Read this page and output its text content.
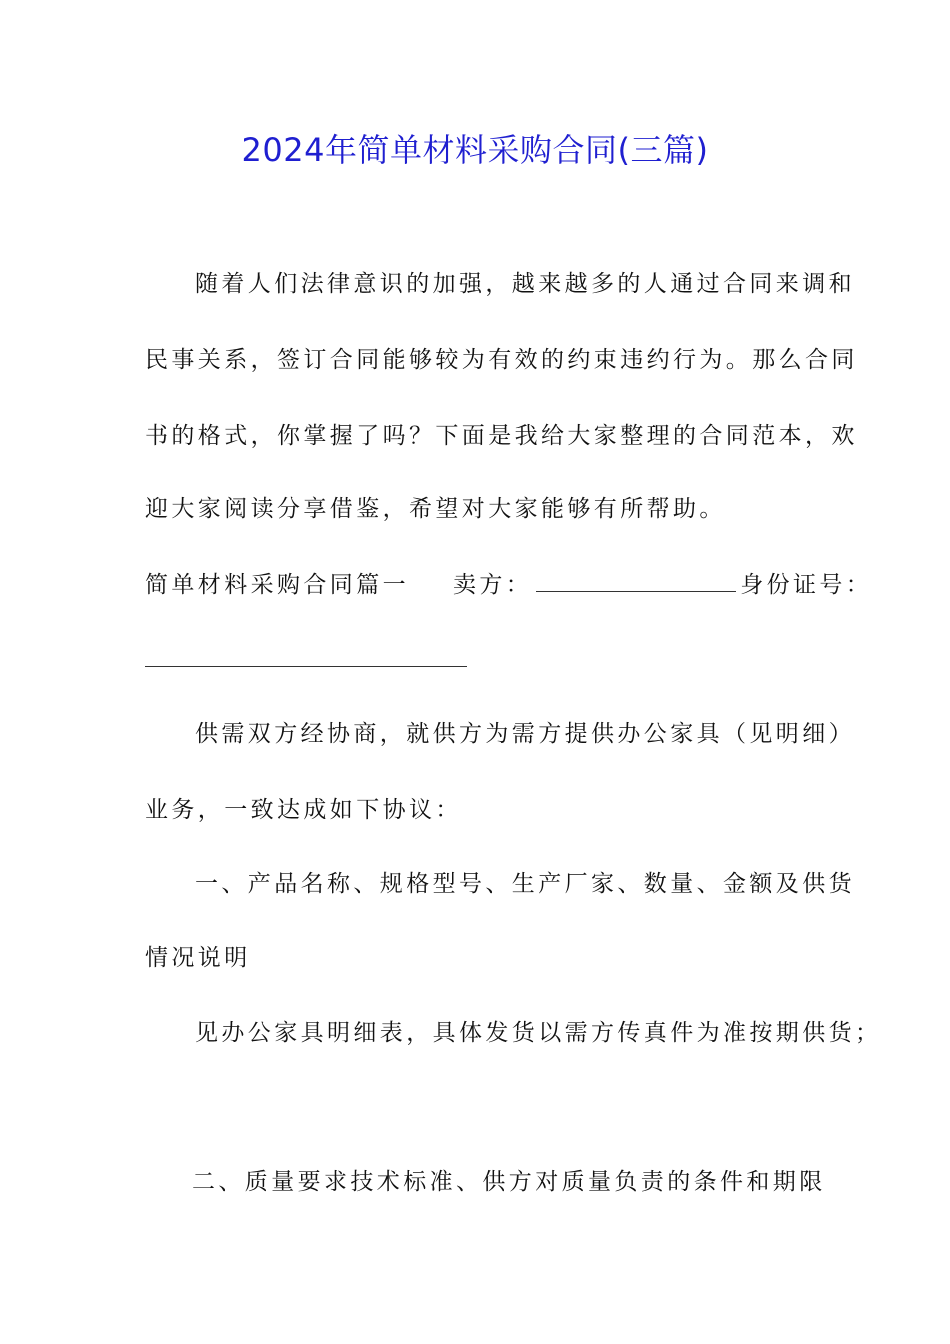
2024年简单材料采购合同(三篇)
随着人们法律意识的加强，越来越多的人通过合同来调和
民事关系，签订合同能够较为有效的约束违约行为。那么合同
书的格式，你掌握了吗？下面是我给大家整理的合同范本，欢
迎大家阅读分享借鉴，希望对大家能够有所帮助。
简单材料采购合同篇一 卖方：	身份证号：
供需双方经协商，就供方为需方提供办公家具（见明细）
业务，一致达成如下协议：
一、产品名称、规格型号、生产厂家、数量、金额及供货
情况说明
见办公家具明细表，具体发货以需方传真件为准按期供货；
二、质量要求技术标准、供方对质量负责的条件和期限
